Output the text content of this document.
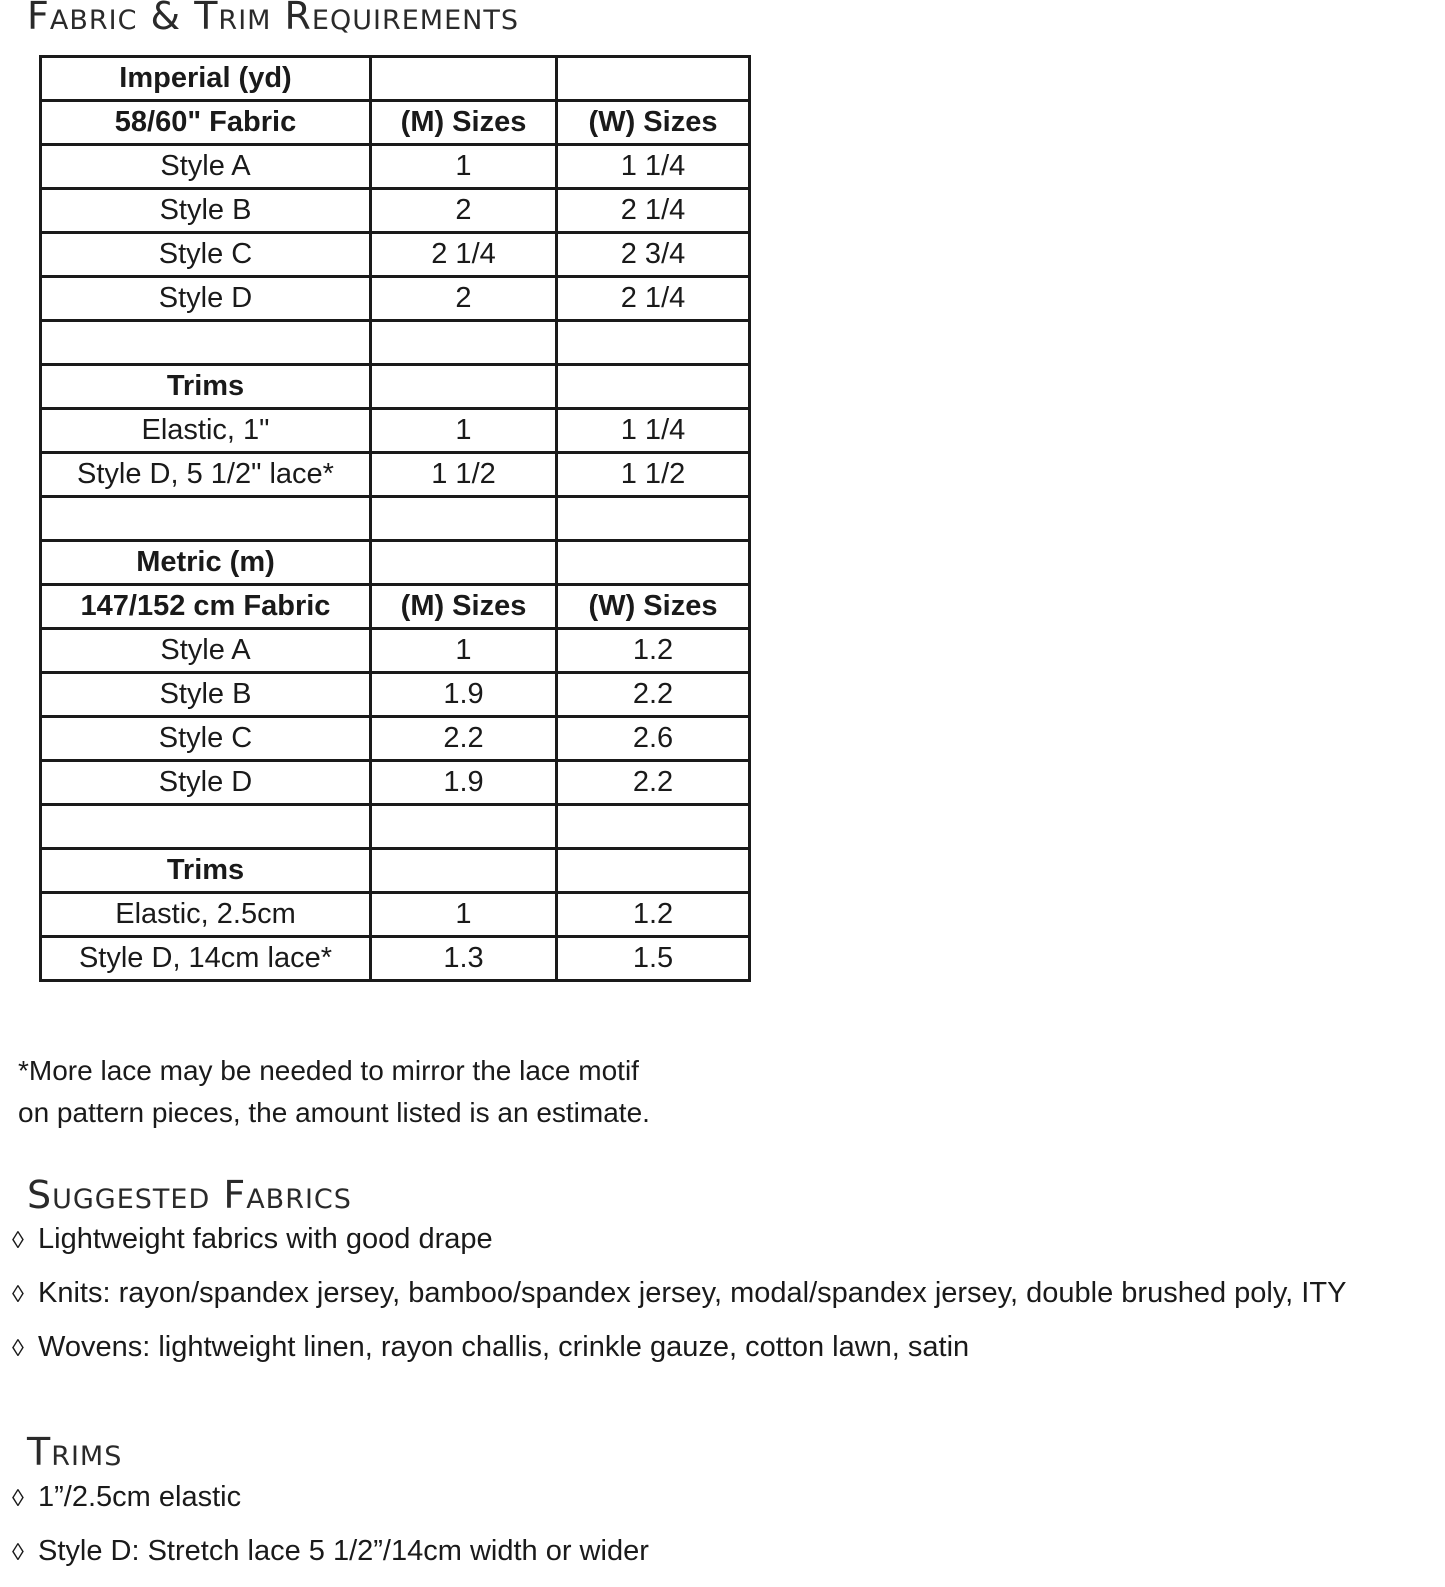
Fabric & Trim Requirements
Imperial (yd)		
58/60" Fabric	(M) Sizes	(W) Sizes
Style A	1	1 1/4
Style B	2	2 1/4
Style C	2 1/4	2 3/4
Style D	2	2 1/4

Trims		
Elastic, 1"	1	1 1/4
Style D, 5 1/2" lace*	1 1/2	1 1/2

Metric (m)		
147/152 cm Fabric	(M) Sizes	(W) Sizes
Style A	1	1.2
Style B	1.9	2.2
Style C	2.2	2.6
Style D	1.9	2.2

Trims		
Elastic, 2.5cm	1	1.2
Style D, 14cm lace*	1.3	1.5
*More lace may be needed to mirror the lace motif
on pattern pieces, the amount listed is an estimate.
Suggested Fabrics
◊ Lightweight fabrics with good drape
◊ Knits: rayon/spandex jersey, bamboo/spandex jersey, modal/spandex jersey, double brushed poly, ITY
◊ Wovens: lightweight linen, rayon challis, crinkle gauze, cotton lawn, satin
Trims
◊ 1”/2.5cm elastic
◊ Style D: Stretch lace 5 1/2”/14cm width or wider
